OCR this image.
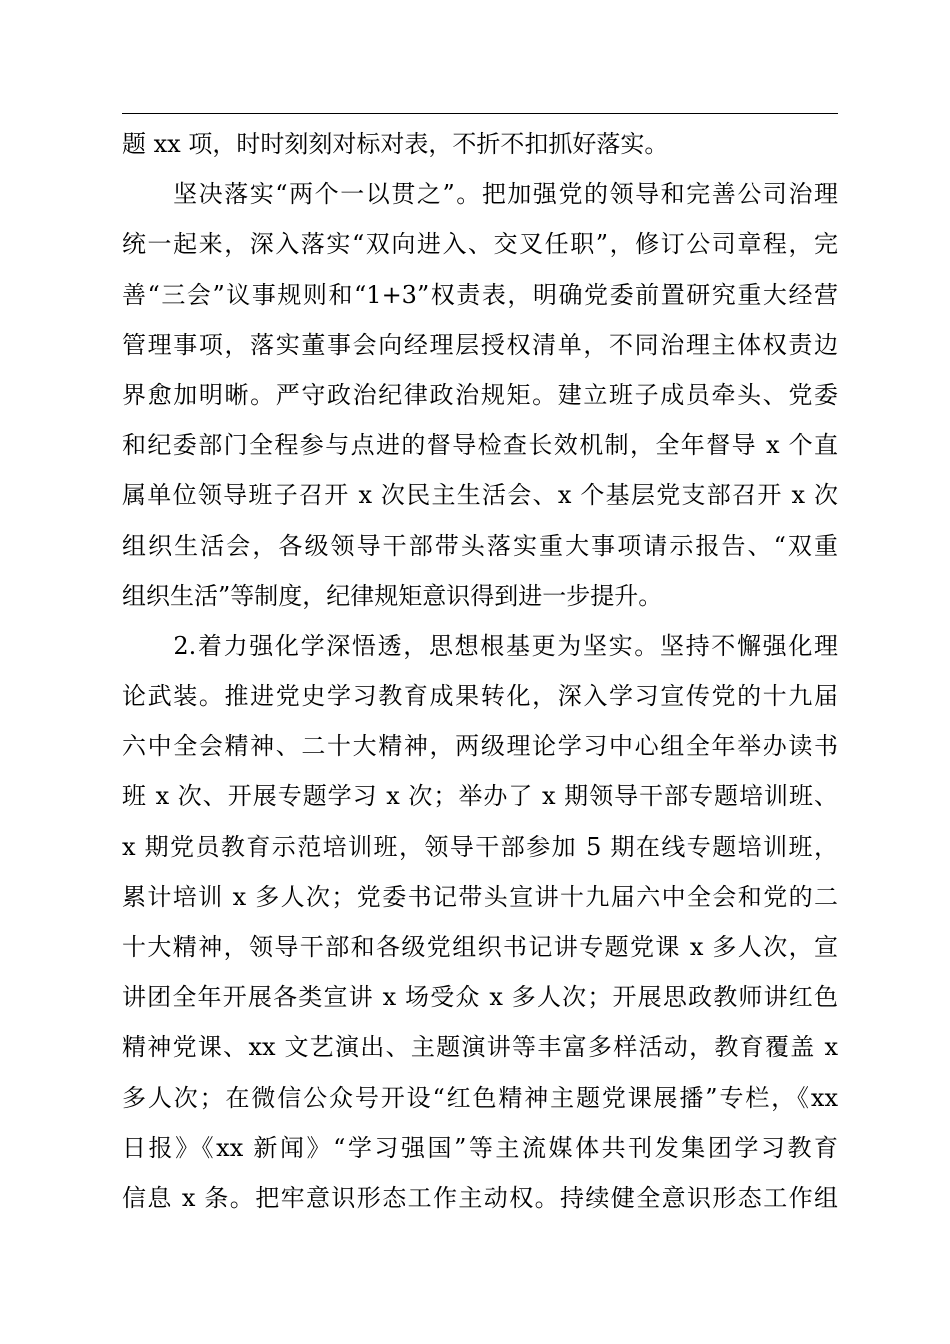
题 xx 项，时时刻刻对标对表，不折不扣抓好落实。
　　坚决落实“两个一以贯之”。把加强党的领导和完善公司治理
统一起来，深入落实“双向进入、交叉任职”，修订公司章程，完
善“三会”议事规则和“1+3”权责表，明确党委前置研究重大经营
管理事项，落实董事会向经理层授权清单，不同治理主体权责边
界愈加明晰。严守政治纪律政治规矩。建立班子成员牵头、党委
和纪委部门全程参与点进的督导检查长效机制，全年督导 x 个直
属单位领导班子召开 x 次民主生活会、x 个基层党支部召开 x 次
组织生活会，各级领导干部带头落实重大事项请示报告、“双重
组织生活”等制度，纪律规矩意识得到进一步提升。
　　2.着力强化学深悟透，思想根基更为坚实。坚持不懈强化理
论武装。推进党史学习教育成果转化，深入学习宣传党的十九届
六中全会精神、二十大精神，两级理论学习中心组全年举办读书
班 x 次、开展专题学习 x 次；举办了 x 期领导干部专题培训班、
x 期党员教育示范培训班，领导干部参加 5 期在线专题培训班，
累计培训 x 多人次；党委书记带头宣讲十九届六中全会和党的二
十大精神，领导干部和各级党组织书记讲专题党课 x 多人次，宣
讲团全年开展各类宣讲 x 场受众 x 多人次；开展思政教师讲红色
精神党课、xx 文艺演出、主题演讲等丰富多样活动，教育覆盖 x
多人次；在微信公众号开设“红色精神主题党课展播”专栏，《xx
日报》《xx 新闻》“学习强国”等主流媒体共刊发集团学习教育
信息 x 条。把牢意识形态工作主动权。持续健全意识形态工作组
